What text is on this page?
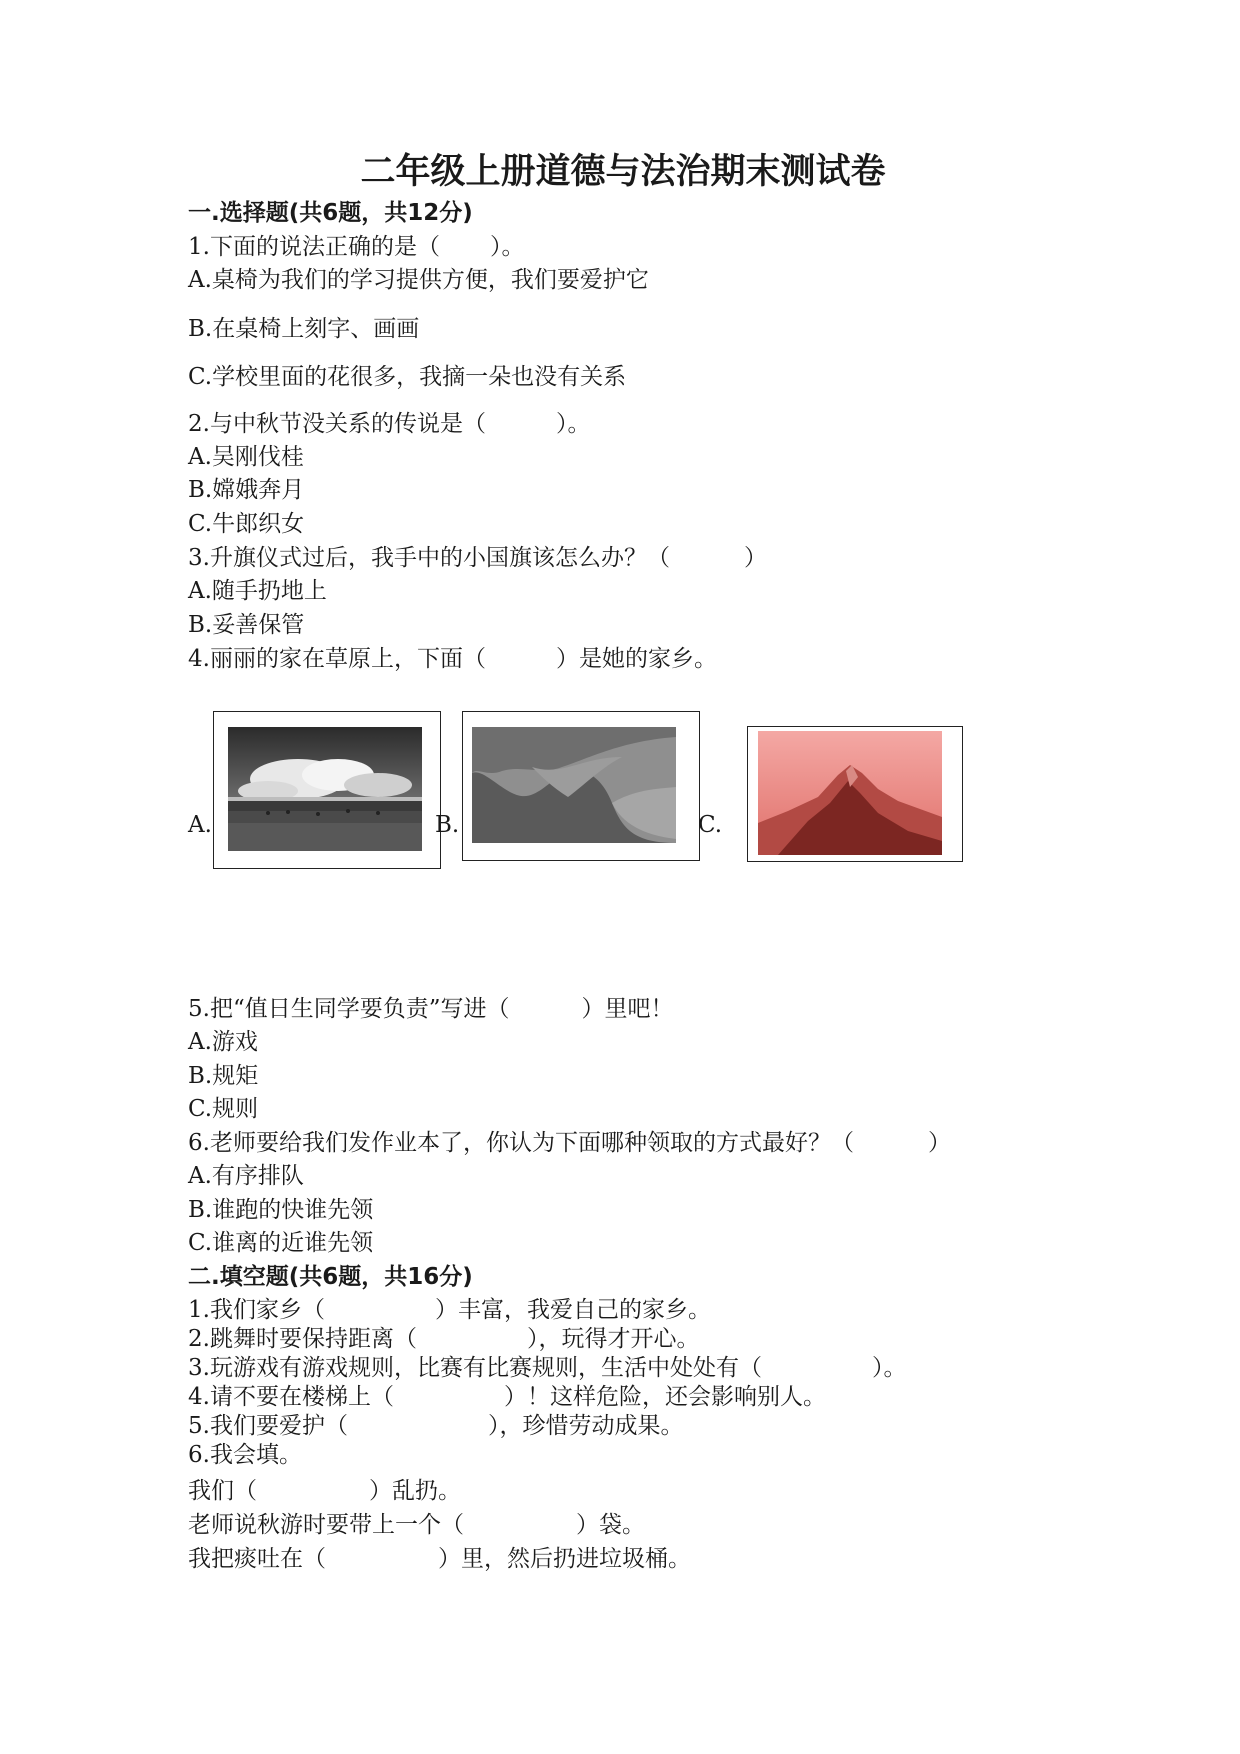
二年级上册道德与法治期末测试卷
一.选择题(共6题，共12分)
1.下面的说法正确的是（ ）。
A.桌椅为我们的学习提供方便，我们要爱护它
B.在桌椅上刻字、画画
C.学校里面的花很多，我摘一朵也没有关系
2.与中秋节没关系的传说是（	）。
A.吴刚伐桂
B.嫦娥奔月
C.牛郎织女
3.升旗仪式过后，我手中的小国旗该怎么办？（	）
A.随手扔地上
B.妥善保管
4.丽丽的家在草原上，下面（	）是她的家乡。
A.	B.	C.
5.把“值日生同学要负责”写进（	）里吧！
A.游戏
B.规矩
C.规则
6.老师要给我们发作业本了，你认为下面哪种领取的方式最好？（	）
A.有序排队
B.谁跑的快谁先领
C.谁离的近谁先领
二.填空题(共6题，共16分)
1.我们家乡（	）丰富，我爱自己的家乡。
2.跳舞时要保持距离（	），玩得才开心。
3.玩游戏有游戏规则，比赛有比赛规则，生活中处处有（	）。
4.请不要在楼梯上（	）！这样危险，还会影响别人。
5.我们要爱护（	），珍惜劳动成果。
6.我会填。
我们（	）乱扔。
老师说秋游时要带上一个（	）袋。
我把痰吐在（	）里，然后扔进垃圾桶。
